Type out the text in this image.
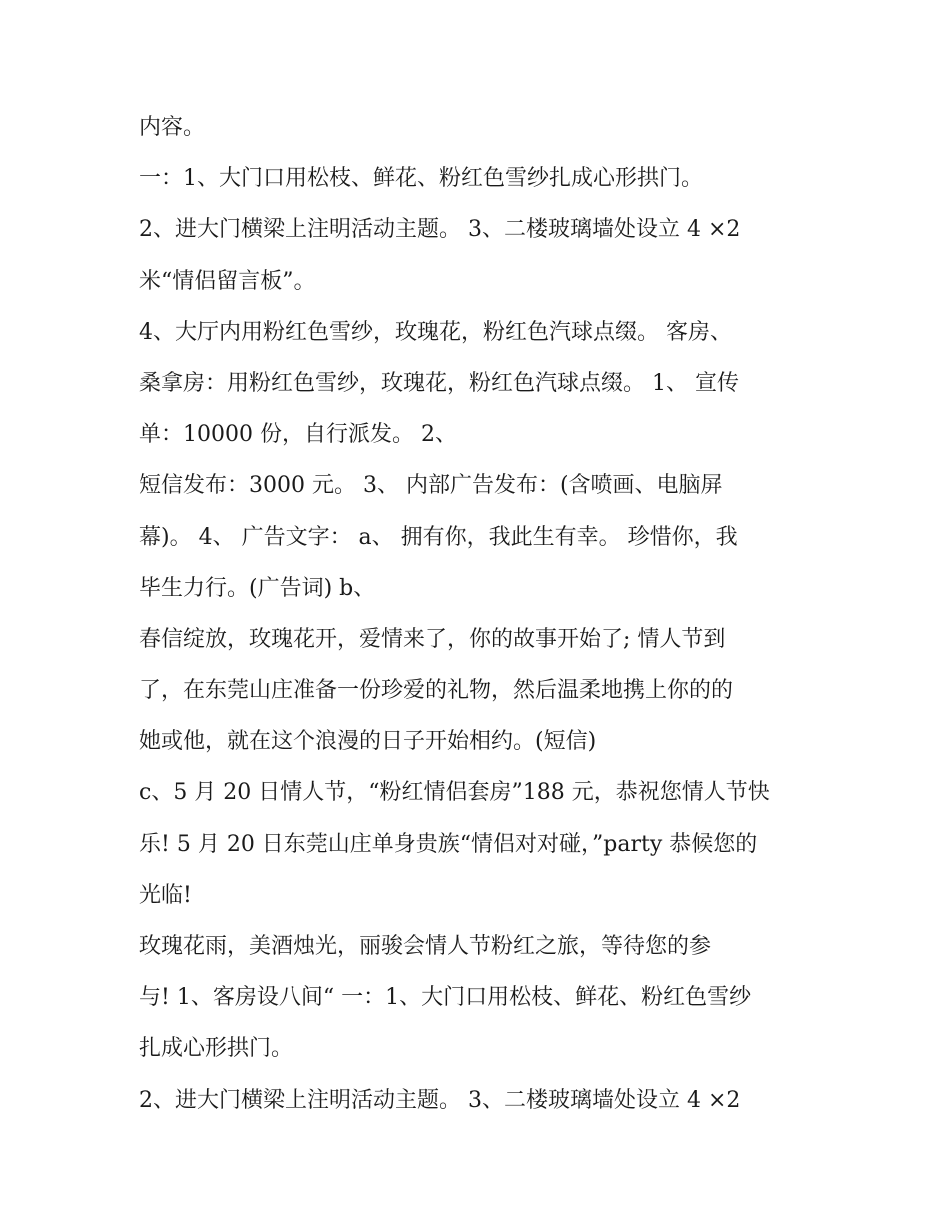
内容。
一：1、大门口用松枝、鲜花、粉红色雪纱扎成心形拱门。
2、进大门横梁上注明活动主题。 3、二楼玻璃墙处设立 4 ×2
米“情侣留言板”。
4、大厅内用粉红色雪纱，玫瑰花，粉红色汽球点缀。 客房、
桑拿房：用粉红色雪纱，玫瑰花，粉红色汽球点缀。 1、 宣传
单：10000 份，自行派发。 2、
短信发布：3000 元。 3、 内部广告发布：(含喷画、电脑屏
幕)。 4、 广告文字： a、 拥有你，我此生有幸。 珍惜你，我
毕生力行。(广告词) b、
春信绽放，玫瑰花开，爱情来了，你的故事开始了; 情人节到
了，在东莞山庄准备一份珍爱的礼物，然后温柔地携上你的的
她或他，就在这个浪漫的日子开始相约。(短信)
c、5 月 20 日情人节，“粉红情侣套房”188 元，恭祝您情人节快
乐! 5 月 20 日东莞山庄单身贵族“情侣对对碰，”party 恭候您的
光临!
玫瑰花雨，美酒烛光，丽骏会情人节粉红之旅，等待您的参
与! 1、客房设八间“ 一：1、大门口用松枝、鲜花、粉红色雪纱
扎成心形拱门。
2、进大门横梁上注明活动主题。 3、二楼玻璃墙处设立 4 ×2
